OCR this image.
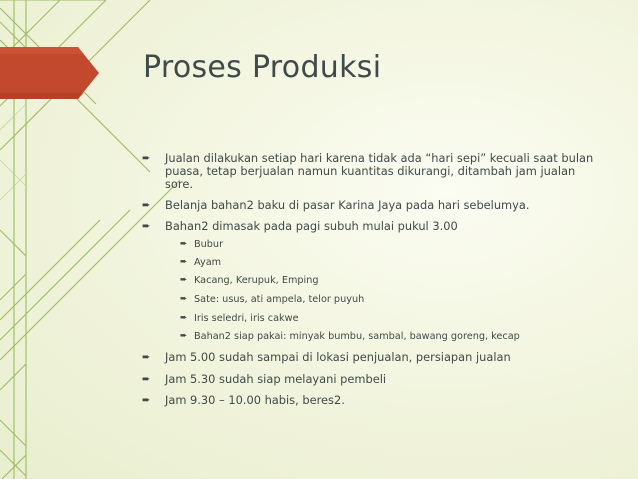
Proses Produksi
➨ Jualan dilakukan setiap hari karena tidak ada “hari sepi” kecuali saat bulan puasa, tetap berjualan namun kuantitas dikurangi, ditambah jam jualan sore.
➨ Belanja bahan2 baku di pasar Karina Jaya pada hari sebelumya.
➨ Bahan2 dimasak pada pagi subuh mulai pukul 3.00
➨ Bubur
➨ Ayam
➨ Kacang, Kerupuk, Emping
➨ Sate: usus, ati ampela, telor puyuh
➨ Iris seledri, iris cakwe
➨ Bahan2 siap pakai: minyak bumbu, sambal, bawang goreng, kecap
➨ Jam 5.00 sudah sampai di lokasi penjualan, persiapan jualan
➨ Jam 5.30 sudah siap melayani pembeli
➨ Jam 9.30 – 10.00 habis, beres2.
